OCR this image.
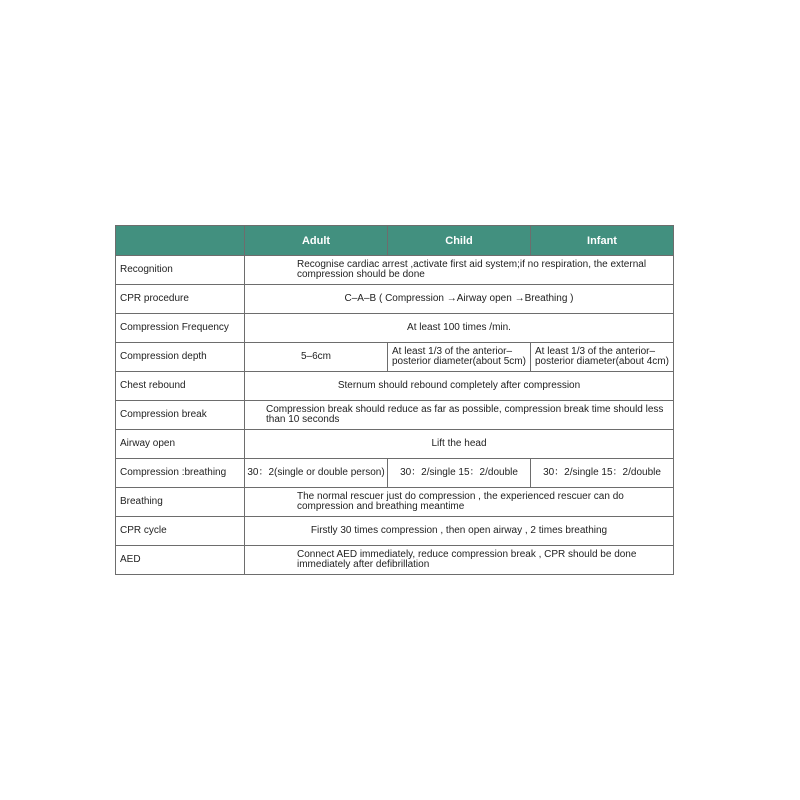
	Adult	Child	Infant
Recognition	Recognise cardiac arrest ,activate first aid system;if no respiration, the external compression should be done		
CPR procedure	C–A–B ( Compression →Airway open →Breathing )		
Compression Frequency	At least 100 times /min.		
Compression depth	5–6cm	At least 1/3 of the anterior–posterior diameter(about 5cm)	At least 1/3 of the anterior–posterior diameter(about 4cm)
Chest rebound	Sternum should rebound completely after compression		
Compression break	Compression break should reduce as far as possible, compression break time should less than 10 seconds		
Airway open	Lift the head		
Compression :breathing	30：2(single or double person)	30：2/single 15：2/double	30：2/single 15：2/double
Breathing	The normal rescuer just do compression , the experienced rescuer can do compression and breathing meantime		
CPR cycle	Firstly 30 times compression , then open airway , 2 times breathing		
AED	Connect AED immediately, reduce compression break , CPR should be done immediately after defibrillation		
